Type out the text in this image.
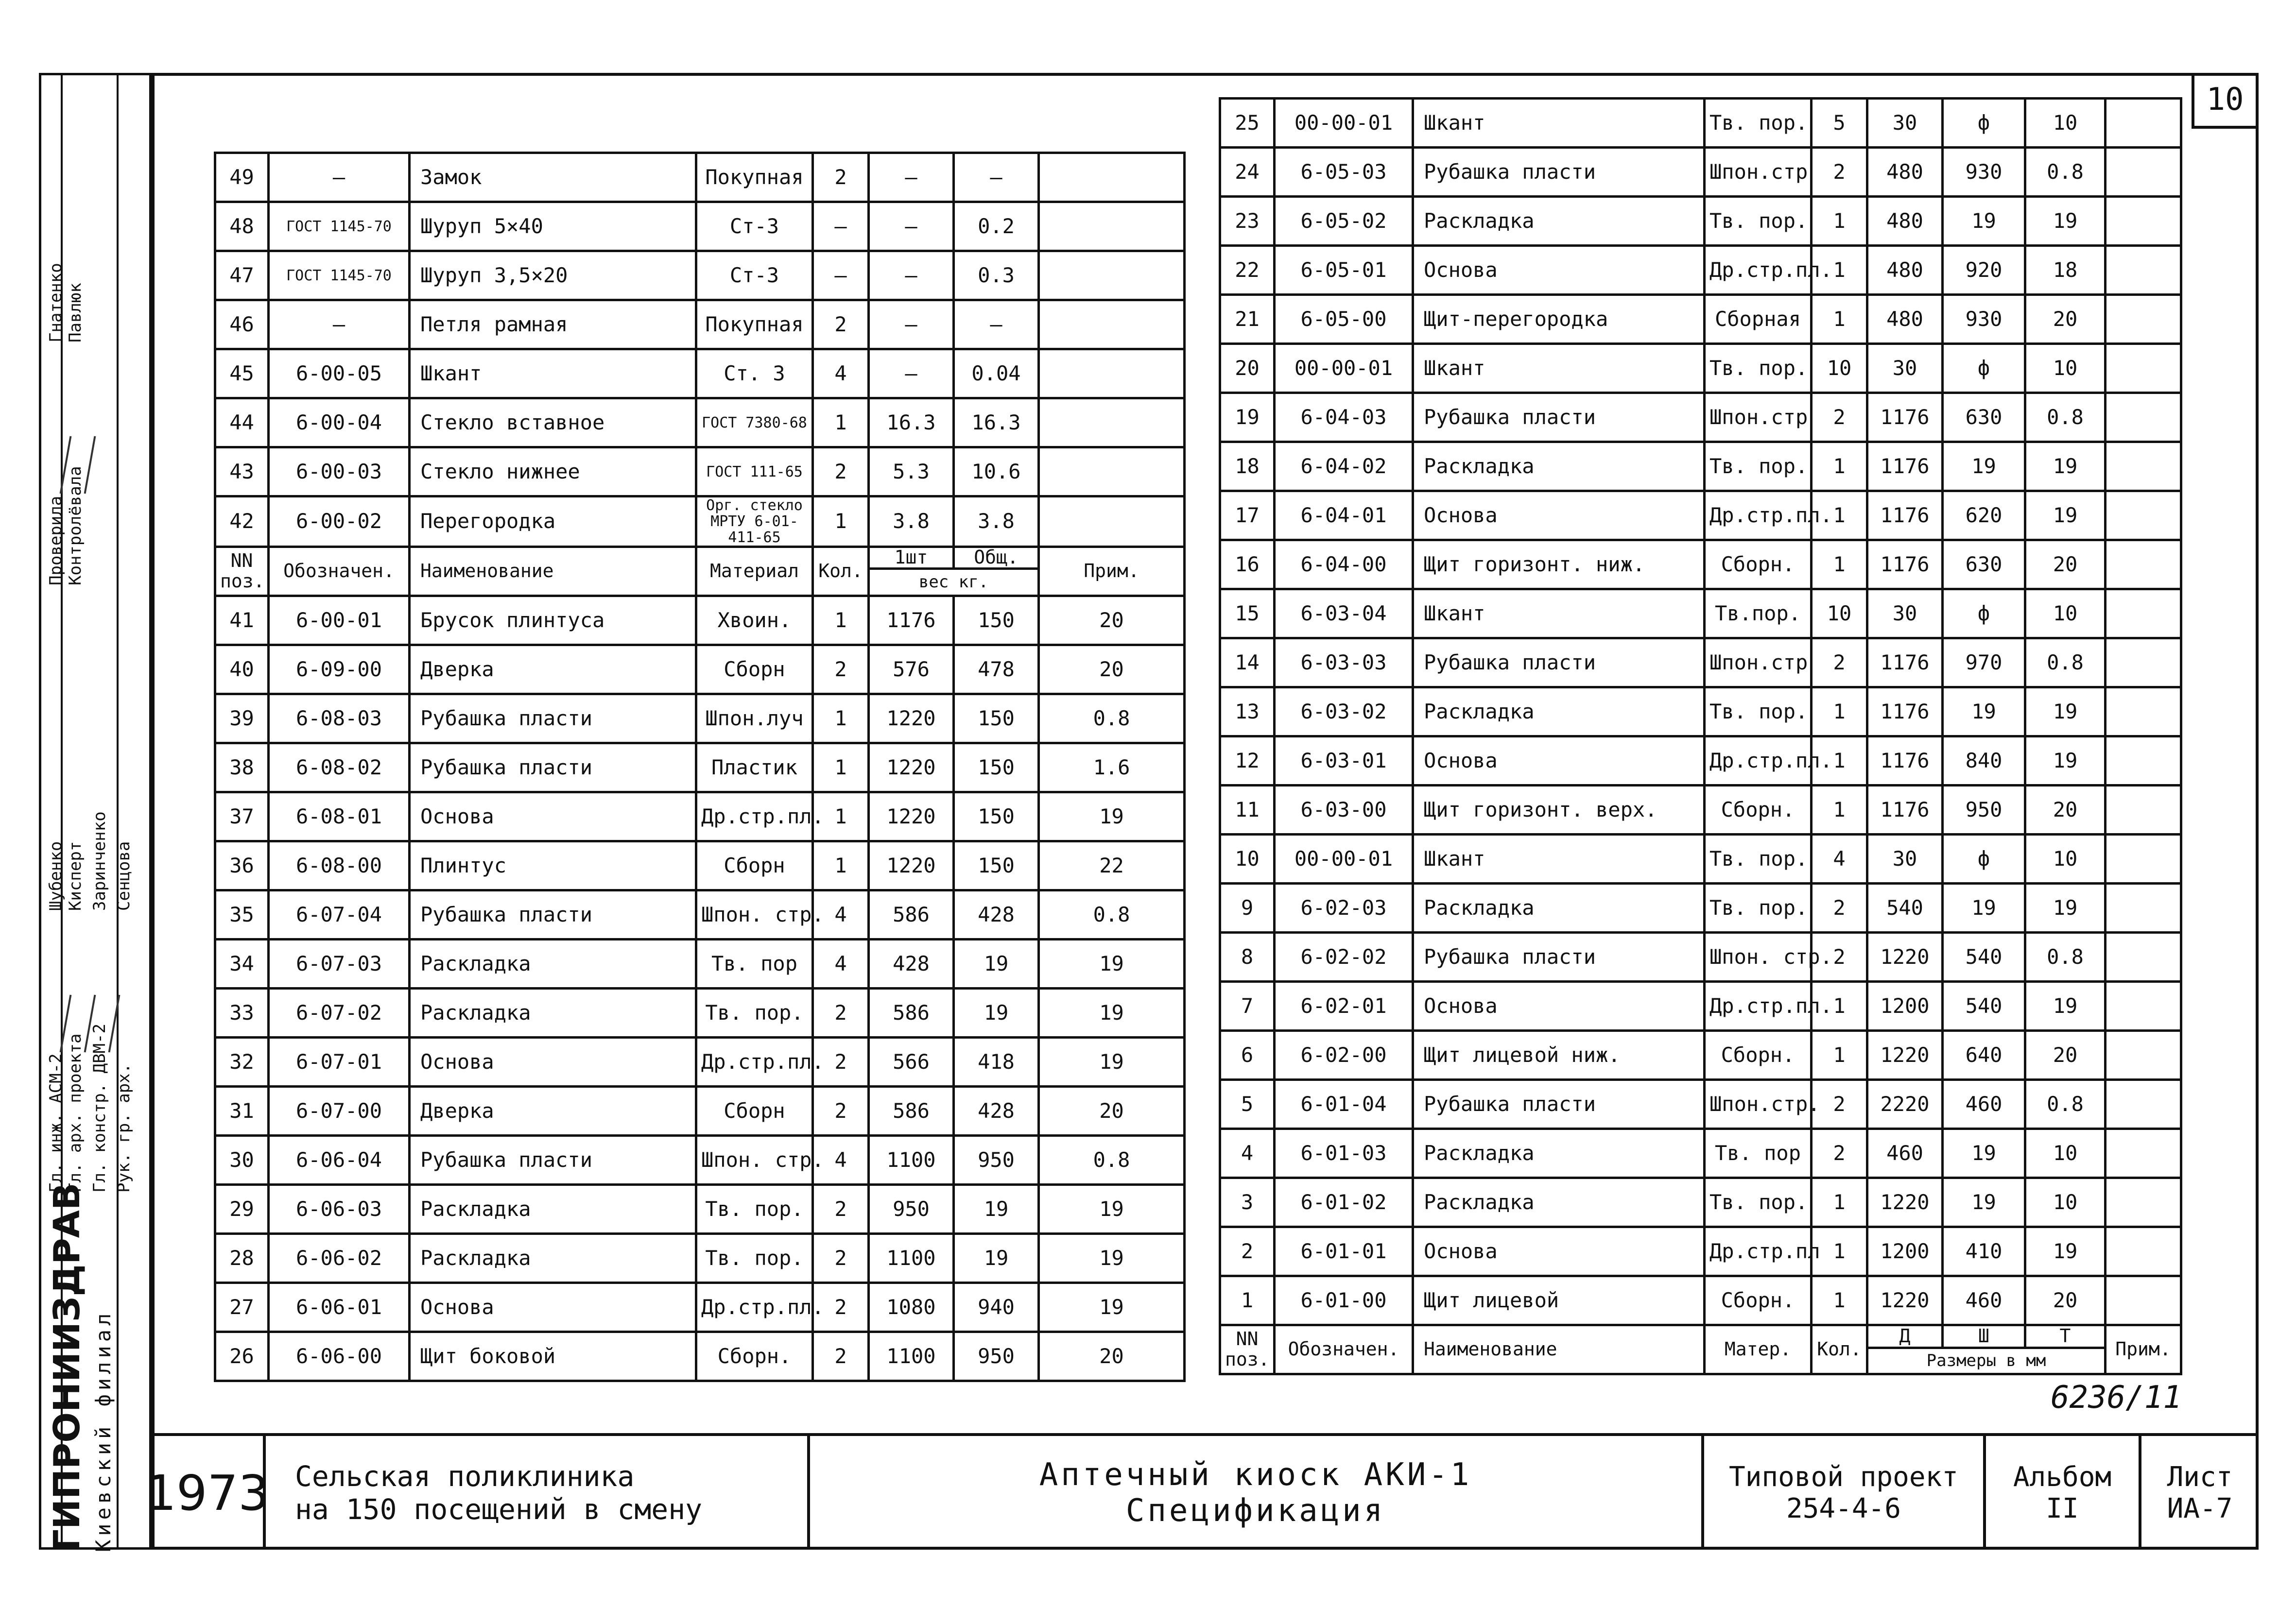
10
Проверила Контролёвала
Гнатенко Павлюк
Гл. инж. АСМ-2 Гл. арх. проекта Гл. констр. ДВМ-2 Рук. гр. арх.
Шубенко Кисперт Заринченко Сенцова
ГИПРОНИИЗДРАВ Киевский филиал
49	—	Замок	Покупная	2	—	—	
48	ГОСТ 1145-70	Шуруп 5×40	Ст-3	—	—	0.2	
47	ГОСТ 1145-70	Шуруп 3,5×20	Ст-3	—	—	0.3	
46	—	Петля рамная	Покупная	2	—	—	
45	6-00-05	Шкант	Ст. 3	4	—	0.04	
44	6-00-04	Стекло вставное	ГОСТ 7380-68	1	16.3	16.3	
43	6-00-03	Стекло нижнее	ГОСТ 111-65	2	5.3	10.6	
42	6-00-02	Перегородка	Орг. стекло МРТУ 6-01-411-65	1	3.8	3.8	
NN поз.	Обозначен.	Наименование	Материал	Кол.	1шт	Общ.	Прим.
					вес кг.		
41	6-00-01	Брусок плинтуса	Хвоин.	1	1176	150	20
40	6-09-00	Дверка	Сборн	2	576	478	20
39	6-08-03	Рубашка пласти	Шпон.луч	1	1220	150	0.8
38	6-08-02	Рубашка пласти	Пластик	1	1220	150	1.6
37	6-08-01	Основа	Др.стр.пл.	1	1220	150	19
36	6-08-00	Плинтус	Сборн	1	1220	150	22
35	6-07-04	Рубашка пласти	Шпон. стр.	4	586	428	0.8
34	6-07-03	Раскладка	Тв. пор	4	428	19	19
33	6-07-02	Раскладка	Тв. пор.	2	586	19	19
32	6-07-01	Основа	Др.стр.пл.	2	566	418	19
31	6-07-00	Дверка	Сборн	2	586	428	20
30	6-06-04	Рубашка пласти	Шпон. стр.	4	1100	950	0.8
29	6-06-03	Раскладка	Тв. пор.	2	950	19	19
28	6-06-02	Раскладка	Тв. пор.	2	1100	19	19
27	6-06-01	Основа	Др.стр.пл.	2	1080	940	19
26	6-06-00	Щит боковой	Сборн.	2	1100	950	20
25	00-00-01	Шкант	Тв. пор.	5	30	ф	10	
24	6-05-03	Рубашка пласти	Шпон.стр	2	480	930	0.8	
23	6-05-02	Раскладка	Тв. пор.	1	480	19	19	
22	6-05-01	Основа	Др.стр.пл.	1	480	920	18	
21	6-05-00	Щит-перегородка	Сборная	1	480	930	20	
20	00-00-01	Шкант	Тв. пор.	10	30	ф	10	
19	6-04-03	Рубашка пласти	Шпон.стр	2	1176	630	0.8	
18	6-04-02	Раскладка	Тв. пор.	1	1176	19	19	
17	6-04-01	Основа	Др.стр.пл.	1	1176	620	19	
16	6-04-00	Щит горизонт. ниж.	Сборн.	1	1176	630	20	
15	6-03-04	Шкант	Тв.пор.	10	30	ф	10	
14	6-03-03	Рубашка пласти	Шпон.стр	2	1176	970	0.8	
13	6-03-02	Раскладка	Тв. пор.	1	1176	19	19	
12	6-03-01	Основа	Др.стр.пл.	1	1176	840	19	
11	6-03-00	Щит горизонт. верх.	Сборн.	1	1176	950	20	
10	00-00-01	Шкант	Тв. пор.	4	30	ф	10	
9	6-02-03	Раскладка	Тв. пор.	2	540	19	19	
8	6-02-02	Рубашка пласти	Шпон. стр.	2	1220	540	0.8	
7	6-02-01	Основа	Др.стр.пл.	1	1200	540	19	
6	6-02-00	Щит лицевой ниж.	Сборн.	1	1220	640	20	
5	6-01-04	Рубашка пласти	Шпон.стр.	2	2220	460	0.8	
4	6-01-03	Раскладка	Тв. пор	2	460	19	10	
3	6-01-02	Раскладка	Тв. пор.	1	1220	19	10	
2	6-01-01	Основа	Др.стр.пл	1	1200	410	19	
1	6-01-00	Щит лицевой	Сборн.	1	1220	460	20	
NN поз.	Обозначен.	Наименование	Матер.	Кол.	Д	Ш	Т	Прим.
					Размеры в мм			
6236/11
1973 Сельская поликлиника
на 150 посещений в смену
Аптечный киоск АКИ-1
Спецификация
Типовой проект
254-4-6
Альбом
II
Лист
ИА-7
